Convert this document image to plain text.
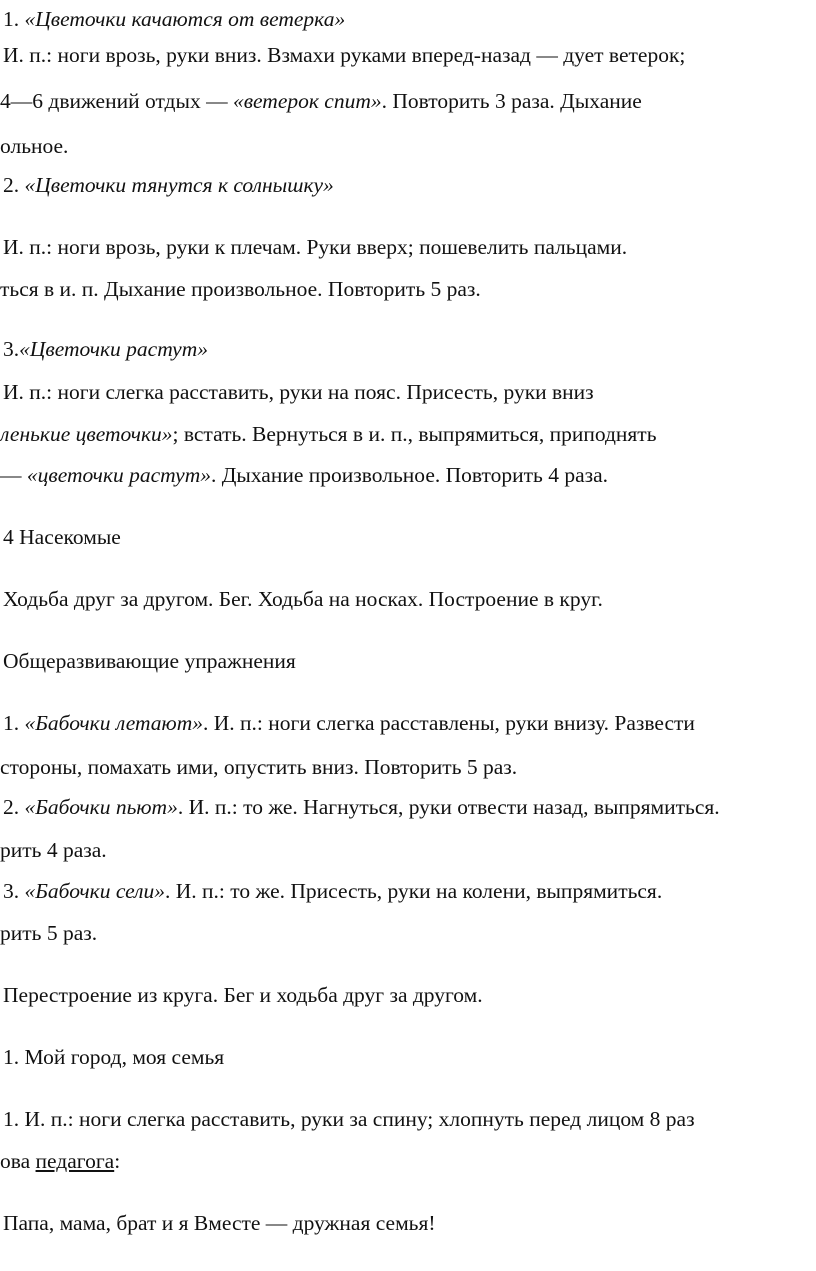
1. «Цветочки качаются от ветерка»
И. п.: ноги врозь, руки вниз. Взмахи руками вперед-назад — дует ветерок;
4—6 движений отдых — «ветерок спит». Повторить 3 раза. Дыхание
ольное.
2. «Цветочки тянутся к солнышку»
И. п.: ноги врозь, руки к плечам. Руки вверх; пошевелить пальцами.
ться в и. п. Дыхание произвольное. Повторить 5 раз.
3.«Цветочки растут»
И. п.: ноги слегка расставить, руки на пояс. Присесть, руки вниз
ленькие цветочки»; встать. Вернуться в и. п., выпрямиться, приподнять
— «цветочки растут». Дыхание произвольное. Повторить 4 раза.
4 Насекомые
Ходьба друг за другом. Бег. Ходьба на носках. Построение в круг.
Общеразвивающие упражнения
1. «Бабочки летают». И. п.: ноги слегка расставлены, руки внизу. Развести
стороны, помахать ими, опустить вниз. Повторить 5 раз.
2. «Бабочки пьют». И. п.: то же. Нагнуться, руки отвести назад, выпрямиться.
рить 4 раза.
3. «Бабочки сели». И. п.: то же. Присесть, руки на колени, выпрямиться.
рить 5 раз.
Перестроение из круга. Бег и ходьба друг за другом.
1. Мой город, моя семья
1. И. п.: ноги слегка расставить, руки за спину; хлопнуть перед лицом 8 раз
ова педагога:
Папа, мама, брат и я Вместе — дружная семья!
